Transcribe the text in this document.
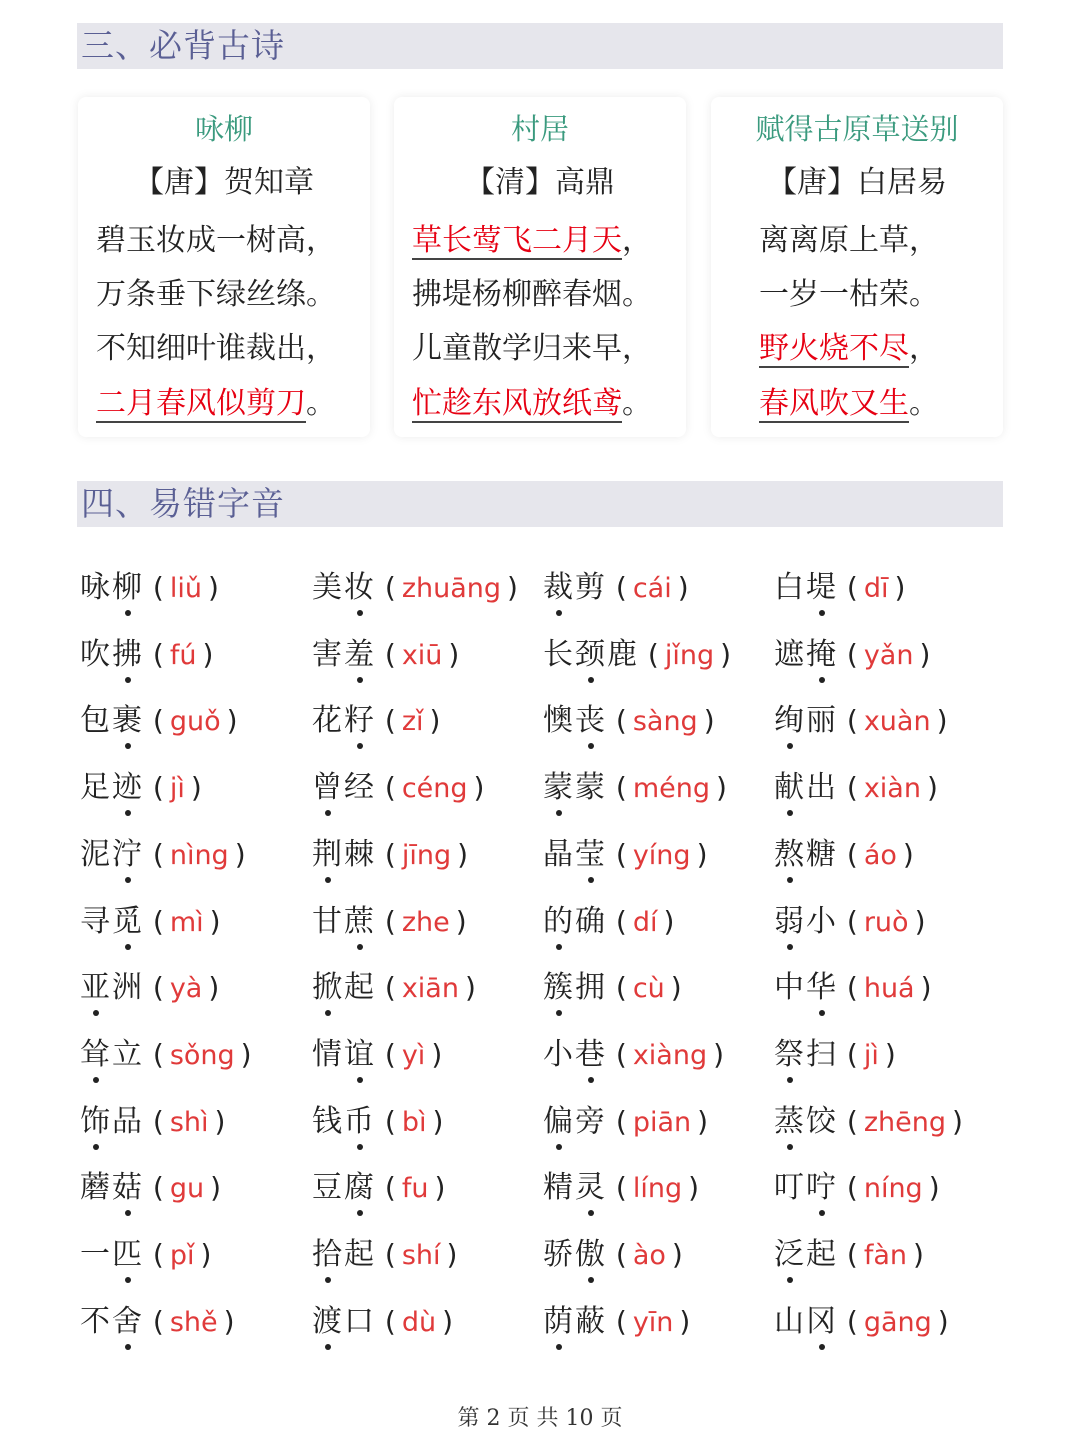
三、必背古诗
咏柳
【唐】贺知章
碧玉妆成一树高，
万条垂下绿丝绦。
不知细叶谁裁出，
二月春风似剪刀。
村居
【清】高鼎
草长莺飞二月天，
拂堤杨柳醉春烟。
儿童散学归来早，
忙趁东风放纸鸢。
赋得古原草送别
【唐】白居易
离离原上草，
一岁一枯荣。
野火烧不尽，
春风吹又生。
四、易错字音
咏柳 ( liǔ )	美妆 ( zhuāng ) 裁剪 ( cái )	白堤 ( dī )
吹拂 ( fú )	害羞 ( xiū )	长颈鹿 ( jǐng ) 遮掩 ( yǎn )
包裹 ( guǒ ) 花籽 ( zǐ )	懊丧 ( sàng ) 绚丽 ( xuàn )
足迹 ( jì )	曾经 ( céng ) 蒙蒙 ( méng ) 献出 ( xiàn )
泥泞 ( nìng ) 荆棘 ( jīng ) 晶莹 ( yíng ) 熬糖 ( áo )
寻觅 ( mì )	甘蔗 ( zhe )	的确 ( dí )	弱小 ( ruò )
亚洲 ( yà )	掀起 ( xiān ) 簇拥 ( cù )	中华 ( huá )
耸立 ( sǒng ) 情谊 ( yì )	小巷 ( xiàng ) 祭扫 ( jì )
饰品 ( shì )	钱币 ( bì )	偏旁 ( piān ) 蒸饺 ( zhēng )
蘑菇 ( gu )	豆腐 ( fu )	精灵 ( líng ) 叮咛 ( níng )
一匹 ( pǐ )	拾起 ( shí )	骄傲 ( ào )	泛起 ( fàn )
不舍 ( shě )	渡口 ( dù )	荫蔽 ( yīn )	山冈 ( gāng )
第 2 页 共 10 页
